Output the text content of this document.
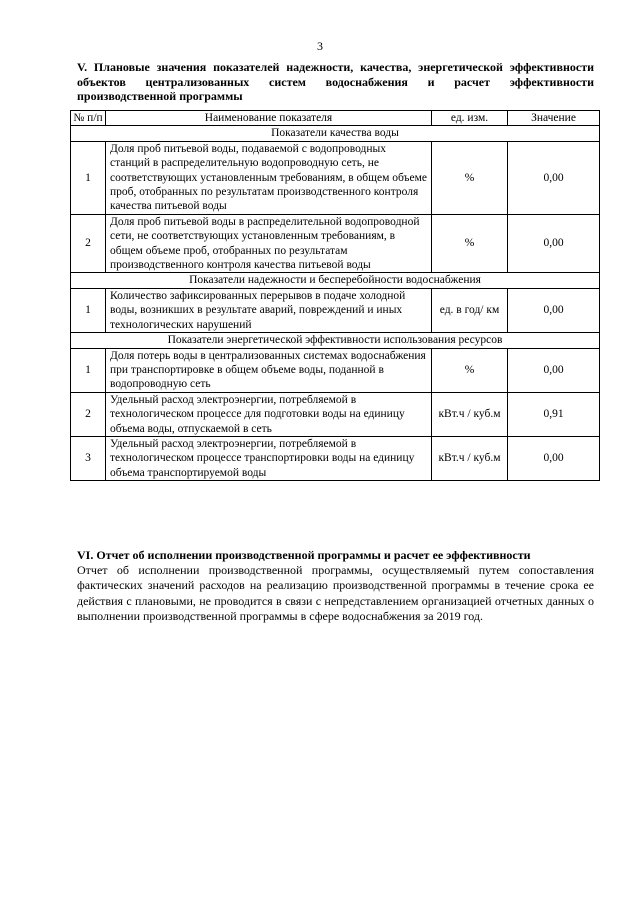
3
V. Плановые значения показателей надежности, качества, энергетической эффективности объектов централизованных систем водоснабжения и расчет эффективности производственной программы
№ п/п	Наименование показателя	ед. изм.	Значение
Показатели качества воды			
1	Доля проб питьевой воды, подаваемой с водопроводных станций в распределительную водопроводную сеть, не соответствующих установленным требованиям, в общем объеме проб, отобранных по результатам производственного контроля качества питьевой воды	%	0,00
2	Доля проб питьевой воды в распределительной водопроводной сети, не соответствующих установленным требованиям, в общем объеме проб, отобранных по результатам производственного контроля качества питьевой воды	%	0,00
Показатели надежности и бесперебойности водоснабжения			
1	Количество зафиксированных перерывов в подаче холодной воды, возникших в результате аварий, повреждений и иных технологических нарушений	ед. в год/ км	0,00
Показатели энергетической эффективности использования ресурсов			
1	Доля потерь воды в централизованных системах водоснабжения при транспортировке в общем объеме воды, поданной в водопроводную сеть	%	0,00
2	Удельный расход электроэнергии, потребляемой в технологическом процессе для подготовки воды на единицу объема воды, отпускаемой в сеть	кВт.ч / куб.м	0,91
3	Удельный расход электроэнергии, потребляемой в технологическом процессе транспортировки воды на единицу объема транспортируемой воды	кВт.ч / куб.м	0,00
VI. Отчет об исполнении производственной программы и расчет ее эффективности
Отчет об исполнении производственной программы, осуществляемый путем сопоставления фактических значений расходов на реализацию производственной программы в течение срока ее действия с плановыми, не проводится в связи с непредставлением организацией отчетных данных о выполнении производственной программы в сфере водоснабжения за 2019 год.
